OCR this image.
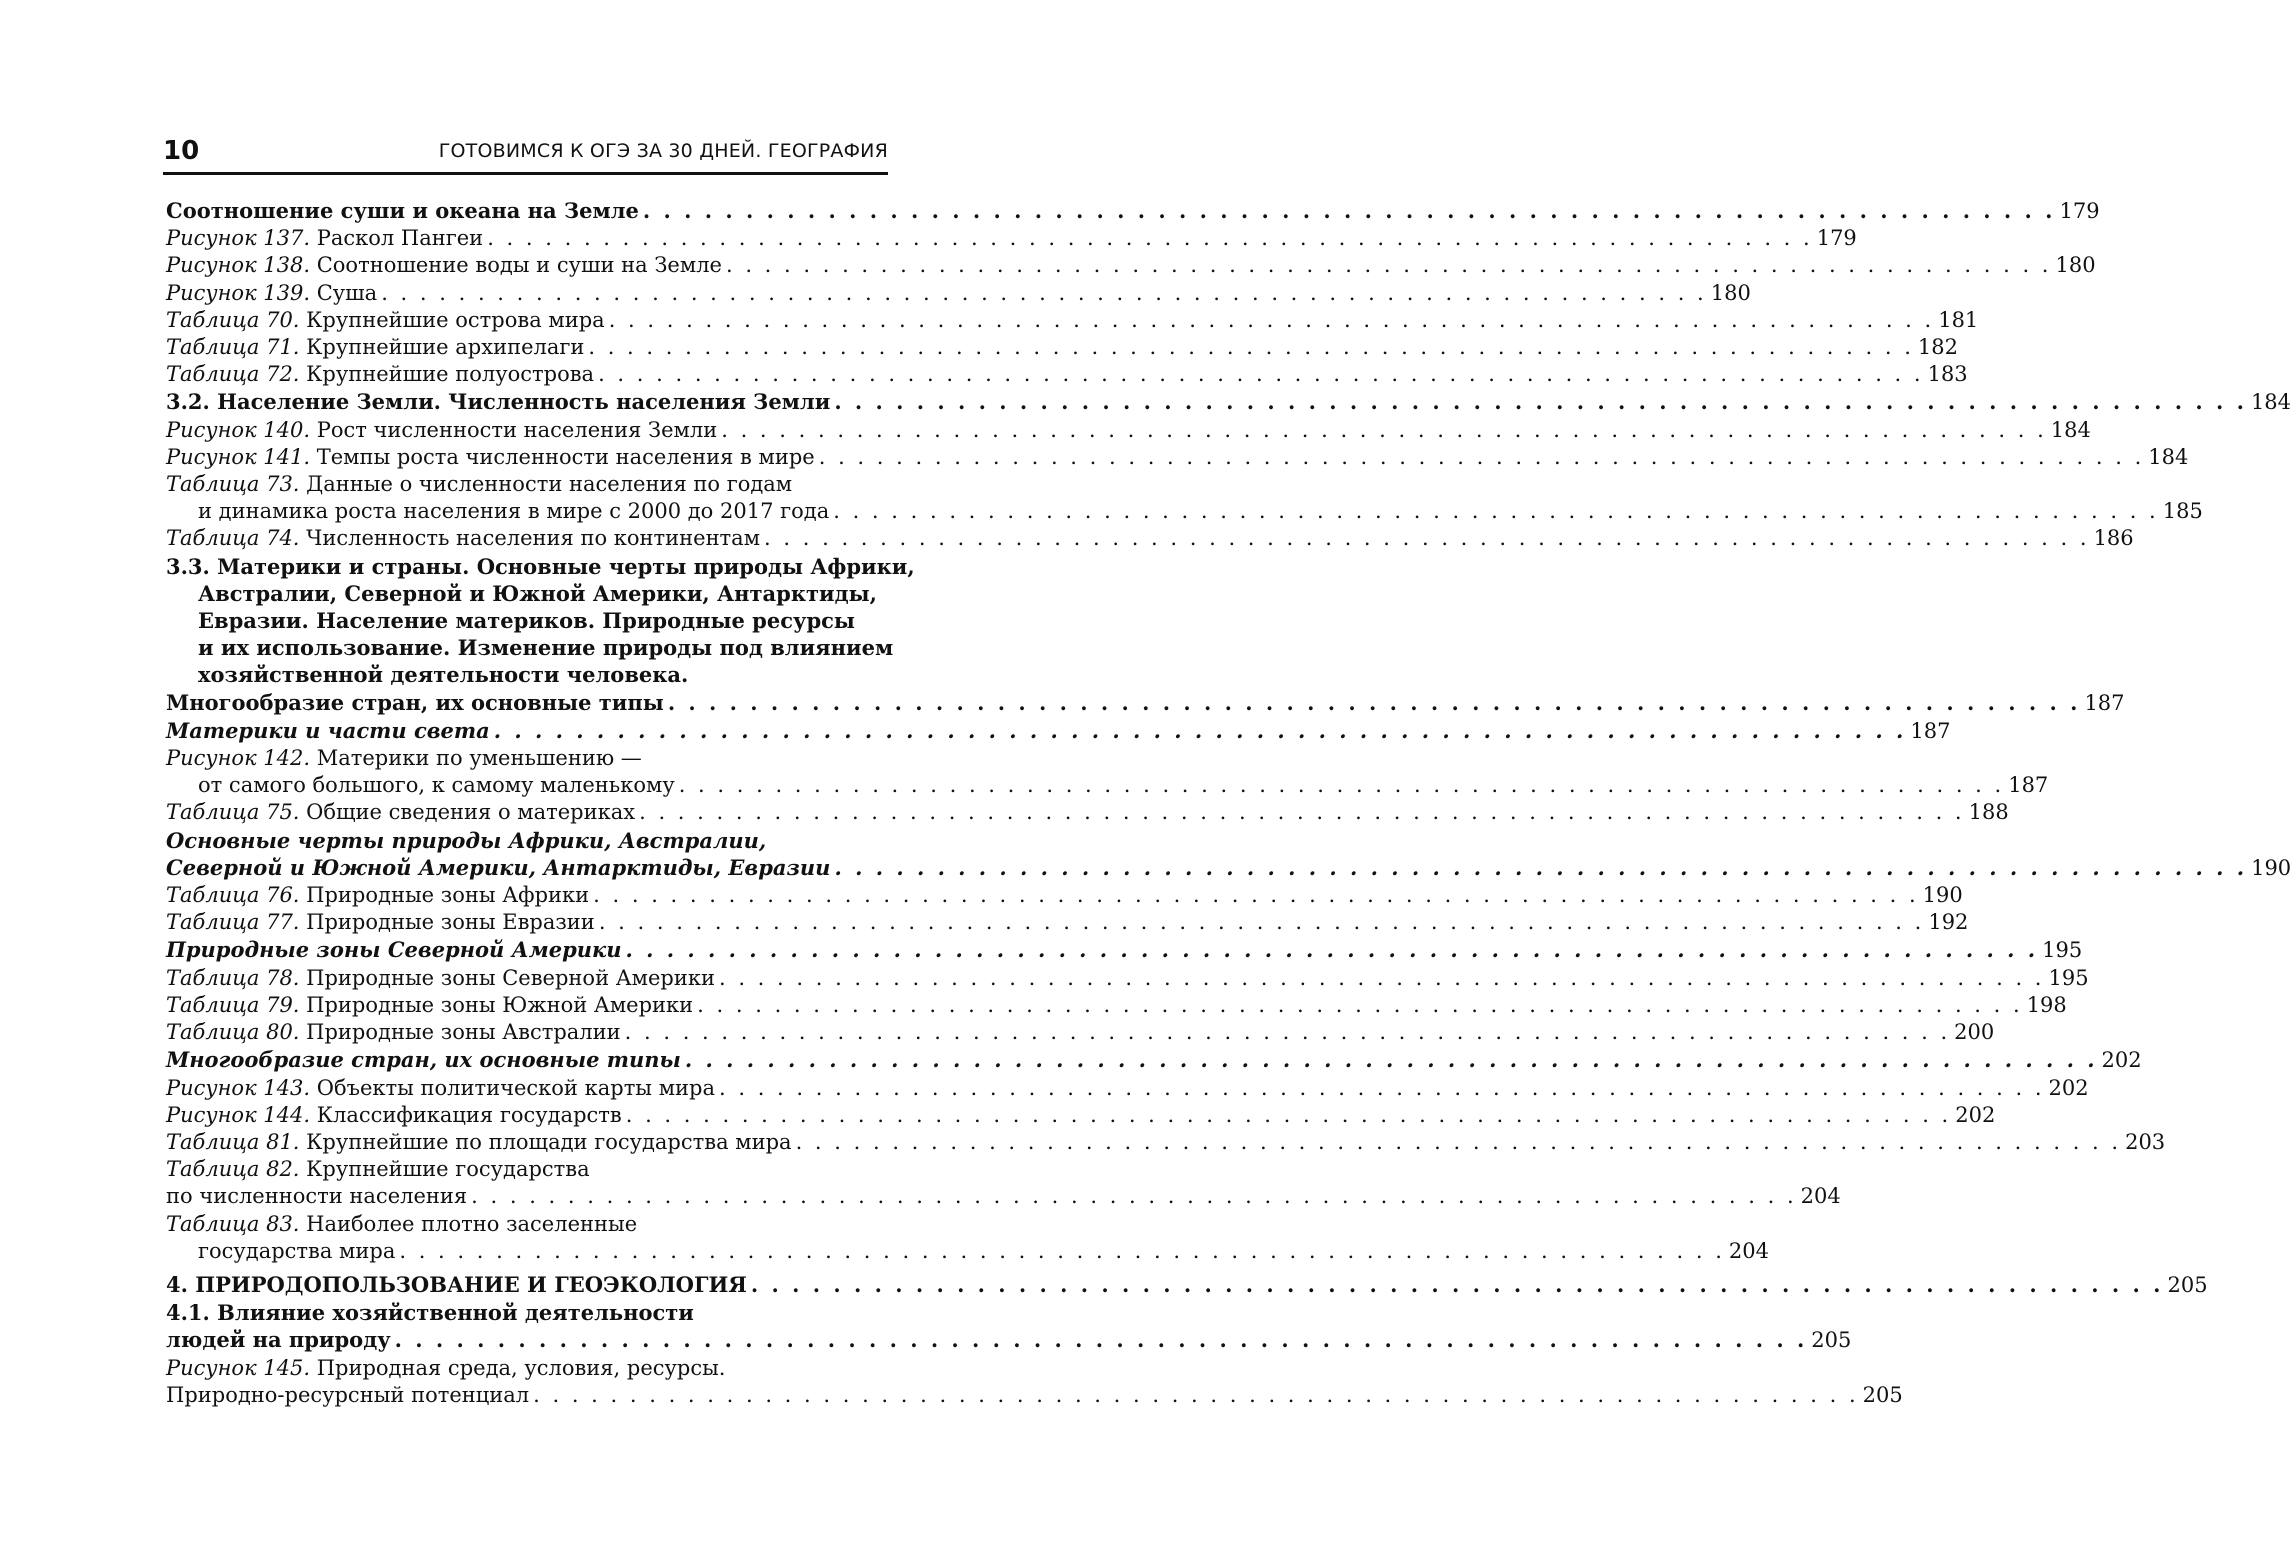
10	ГОТОВИМСЯ К ОГЭ ЗА 30 ДНЕЙ. ГЕОГРАФИЯ
Соотношение суши и океана на Земле . . . . . . . . . . . . . . . . . . . . . . . . . . . . . . . . . . . . . . . . . . . . . . . . . . . . . . . . . . . . . . . . . . . . . 179
Рисунок 137. Раскол Пангеи . . . . . . . . . . . . . . . . . . . . . . . . . . . . . . . . . . . . . . . . . . . . . . . . . . . . . . . . . . . . . . . . . . . . . 179
Рисунок 138. Соотношение воды и суши на Земле . . . . . . . . . . . . . . . . . . . . . . . . . . . . . . . . . . . . . . . . . . . . . . . . . . . . . . . . . . . . . . . . . . . . . 180
Рисунок 139. Суша . . . . . . . . . . . . . . . . . . . . . . . . . . . . . . . . . . . . . . . . . . . . . . . . . . . . . . . . . . . . . . . . . . . . . 180
Таблица 70. Крупнейшие острова мира . . . . . . . . . . . . . . . . . . . . . . . . . . . . . . . . . . . . . . . . . . . . . . . . . . . . . . . . . . . . . . . . . . . . . 181
Таблица 71. Крупнейшие архипелаги . . . . . . . . . . . . . . . . . . . . . . . . . . . . . . . . . . . . . . . . . . . . . . . . . . . . . . . . . . . . . . . . . . . . . 182
Таблица 72. Крупнейшие полуострова . . . . . . . . . . . . . . . . . . . . . . . . . . . . . . . . . . . . . . . . . . . . . . . . . . . . . . . . . . . . . . . . . . . . . 183
3.2. Население Земли. Численность населения Земли . . . . . . . . . . . . . . . . . . . . . . . . . . . . . . . . . . . . . . . . . . . . . . . . . . . . . . . . . . . . . . . . . . . . . 184
Рисунок 140. Рост численности населения Земли . . . . . . . . . . . . . . . . . . . . . . . . . . . . . . . . . . . . . . . . . . . . . . . . . . . . . . . . . . . . . . . . . . . . . 184
Рисунок 141. Темпы роста численности населения в мире . . . . . . . . . . . . . . . . . . . . . . . . . . . . . . . . . . . . . . . . . . . . . . . . . . . . . . . . . . . . . . . . . . . . . 184
Таблица 73. Данные о численности населения по годам
и динамика роста населения в мире с 2000 до 2017 года . . . . . . . . . . . . . . . . . . . . . . . . . . . . . . . . . . . . . . . . . . . . . . . . . . . . . . . . . . . . . . . . . . . . . 185
Таблица 74. Численность населения по континентам . . . . . . . . . . . . . . . . . . . . . . . . . . . . . . . . . . . . . . . . . . . . . . . . . . . . . . . . . . . . . . . . . . . . . 186
3.3. Материки и страны. Основные черты природы Африки,
Австралии, Северной и Южной Америки, Антарктиды,
Евразии. Население материков. Природные ресурсы
и их использование. Изменение природы под влиянием
хозяйственной деятельности человека.
Многообразие стран, их основные типы . . . . . . . . . . . . . . . . . . . . . . . . . . . . . . . . . . . . . . . . . . . . . . . . . . . . . . . . . . . . . . . . . . . . . 187
Материки и части света . . . . . . . . . . . . . . . . . . . . . . . . . . . . . . . . . . . . . . . . . . . . . . . . . . . . . . . . . . . . . . . . . . . . . 187
Рисунок 142. Материки по уменьшению —
от самого большого, к самому маленькому . . . . . . . . . . . . . . . . . . . . . . . . . . . . . . . . . . . . . . . . . . . . . . . . . . . . . . . . . . . . . . . . . . . . . 187
Таблица 75. Общие сведения о материках . . . . . . . . . . . . . . . . . . . . . . . . . . . . . . . . . . . . . . . . . . . . . . . . . . . . . . . . . . . . . . . . . . . . . 188
Основные черты природы Африки, Австралии,
Северной и Южной Америки, Антарктиды, Евразии . . . . . . . . . . . . . . . . . . . . . . . . . . . . . . . . . . . . . . . . . . . . . . . . . . . . . . . . . . . . . . . . . . . . . 190
Таблица 76. Природные зоны Африки . . . . . . . . . . . . . . . . . . . . . . . . . . . . . . . . . . . . . . . . . . . . . . . . . . . . . . . . . . . . . . . . . . . . . 190
Таблица 77. Природные зоны Евразии . . . . . . . . . . . . . . . . . . . . . . . . . . . . . . . . . . . . . . . . . . . . . . . . . . . . . . . . . . . . . . . . . . . . . 192
Природные зоны Северной Америки . . . . . . . . . . . . . . . . . . . . . . . . . . . . . . . . . . . . . . . . . . . . . . . . . . . . . . . . . . . . . . . . . . . . . 195
Таблица 78. Природные зоны Северной Америки . . . . . . . . . . . . . . . . . . . . . . . . . . . . . . . . . . . . . . . . . . . . . . . . . . . . . . . . . . . . . . . . . . . . . 195
Таблица 79. Природные зоны Южной Америки . . . . . . . . . . . . . . . . . . . . . . . . . . . . . . . . . . . . . . . . . . . . . . . . . . . . . . . . . . . . . . . . . . . . . 198
Таблица 80. Природные зоны Австралии . . . . . . . . . . . . . . . . . . . . . . . . . . . . . . . . . . . . . . . . . . . . . . . . . . . . . . . . . . . . . . . . . . . . . 200
Многообразие стран, их основные типы . . . . . . . . . . . . . . . . . . . . . . . . . . . . . . . . . . . . . . . . . . . . . . . . . . . . . . . . . . . . . . . . . . . . . 202
Рисунок 143. Объекты политической карты мира . . . . . . . . . . . . . . . . . . . . . . . . . . . . . . . . . . . . . . . . . . . . . . . . . . . . . . . . . . . . . . . . . . . . . 202
Рисунок 144. Классификация государств . . . . . . . . . . . . . . . . . . . . . . . . . . . . . . . . . . . . . . . . . . . . . . . . . . . . . . . . . . . . . . . . . . . . . 202
Таблица 81. Крупнейшие по площади государства мира . . . . . . . . . . . . . . . . . . . . . . . . . . . . . . . . . . . . . . . . . . . . . . . . . . . . . . . . . . . . . . . . . . . . . 203
Таблица 82. Крупнейшие государства
по численности населения . . . . . . . . . . . . . . . . . . . . . . . . . . . . . . . . . . . . . . . . . . . . . . . . . . . . . . . . . . . . . . . . . . . . . 204
Таблица 83. Наиболее плотно заселенные
государства мира . . . . . . . . . . . . . . . . . . . . . . . . . . . . . . . . . . . . . . . . . . . . . . . . . . . . . . . . . . . . . . . . . . . . . 204
4. ПРИРОДОПОЛЬЗОВАНИЕ И ГЕОЭКОЛОГИЯ . . . . . . . . . . . . . . . . . . . . . . . . . . . . . . . . . . . . . . . . . . . . . . . . . . . . . . . . . . . . . . . . . . . . . 205
4.1. Влияние хозяйственной деятельности
людей на природу . . . . . . . . . . . . . . . . . . . . . . . . . . . . . . . . . . . . . . . . . . . . . . . . . . . . . . . . . . . . . . . . . . . . . 205
Рисунок 145. Природная среда, условия, ресурсы.
Природно-ресурсный потенциал . . . . . . . . . . . . . . . . . . . . . . . . . . . . . . . . . . . . . . . . . . . . . . . . . . . . . . . . . . . . . . . . . . . . . 205
